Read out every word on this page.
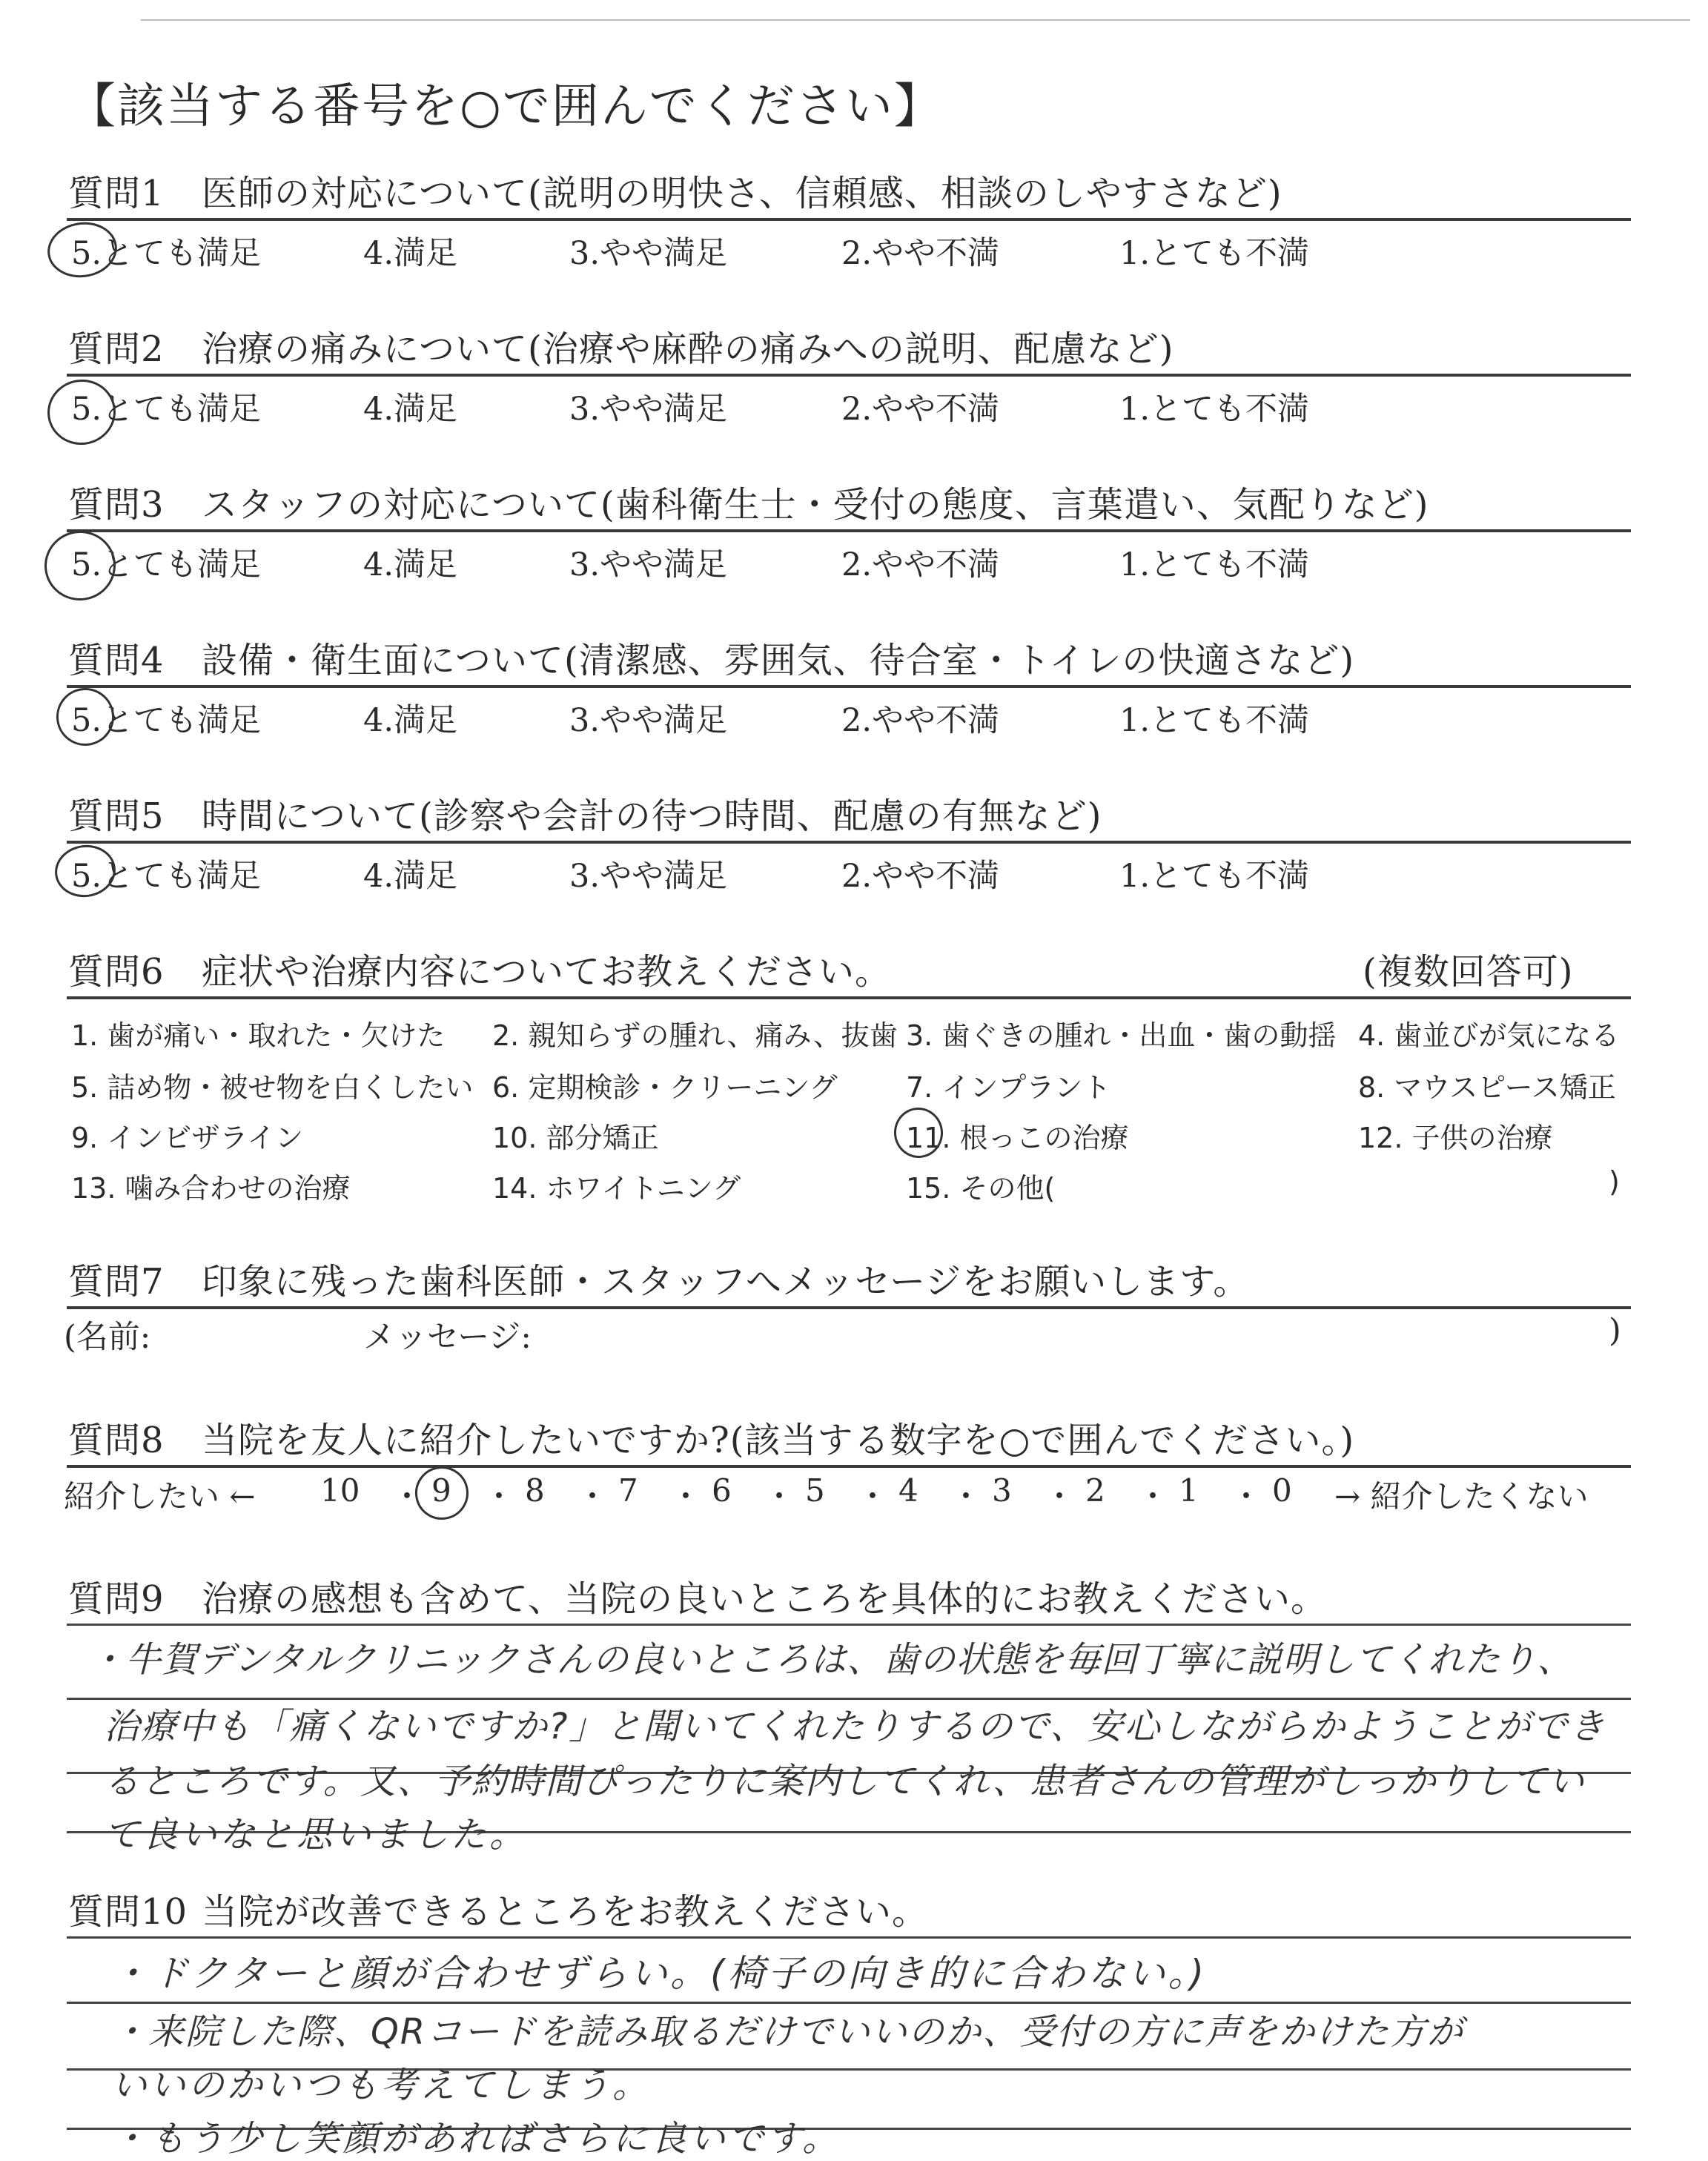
【該当する番号を○で囲んでください】
質問1 医師の対応について(説明の明快さ、信頼感、相談のしやすさなど)
5.とても満足	4.満足	3.やや満足	2.やや不満	1.とても不満
質問2 治療の痛みについて(治療や麻酔の痛みへの説明、配慮など)
5.とても満足	4.満足	3.やや満足	2.やや不満	1.とても不満
質問3 スタッフの対応について(歯科衛生士・受付の態度、言葉遣い、気配りなど)
5.とても満足	4.満足	3.やや満足	2.やや不満	1.とても不満
質問4 設備・衛生面について(清潔感、雰囲気、待合室・トイレの快適さなど)
5.とても満足	4.満足	3.やや満足	2.やや不満	1.とても不満
質問5 時間について(診察や会計の待つ時間、配慮の有無など)
5.とても満足	4.満足	3.やや満足	2.やや不満	1.とても不満
質問6 症状や治療内容についてお教えください。	(複数回答可)
1. 歯が痛い・取れた・欠けた 2. 親知らずの腫れ、痛み、抜歯 3. 歯ぐきの腫れ・出血・歯の動揺 4. 歯並びが気になる
5. 詰め物・被せ物を白くしたい 6. 定期検診・クリーニング 7. インプラント	8. マウスピース矯正
9. インビザライン	10. 部分矯正	11. 根っこの治療	12. 子供の治療
13. 噛み合わせの治療	14. ホワイトニング	15. その他(	)
質問7 印象に残った歯科医師・スタッフへメッセージをお願いします。
(名前:	メッセージ:	)
質問8 当院を友人に紹介したいですか?(該当する数字を○で囲んでください。)
紹介したい ← 10 ・ 9 ・ 8 ・ 7 ・ 6 ・ 5 ・ 4 ・ 3 ・ 2 ・ 1 ・ 0 → 紹介したくない
質問9 治療の感想も含めて、当院の良いところを具体的にお教えください。
・牛賀デンタルクリニックさんの良いところは、歯の状態を毎回丁寧に説明してくれたり、
治療中も「痛くないですか?」と聞いてくれたりするので、安心しながらかようことができ
るところです。又、予約時間ぴったりに案内してくれ、患者さんの管理がしっかりしてい
て良いなと思いました。
質問10 当院が改善できるところをお教えください。
・ドクターと顔が合わせずらい。(椅子の向き的に合わない。)
・来院した際、QRコードを読み取るだけでいいのか、受付の方に声をかけた方が
いいのかいつも考えてしまう。
・もう少し笑顔があればさらに良いです。
